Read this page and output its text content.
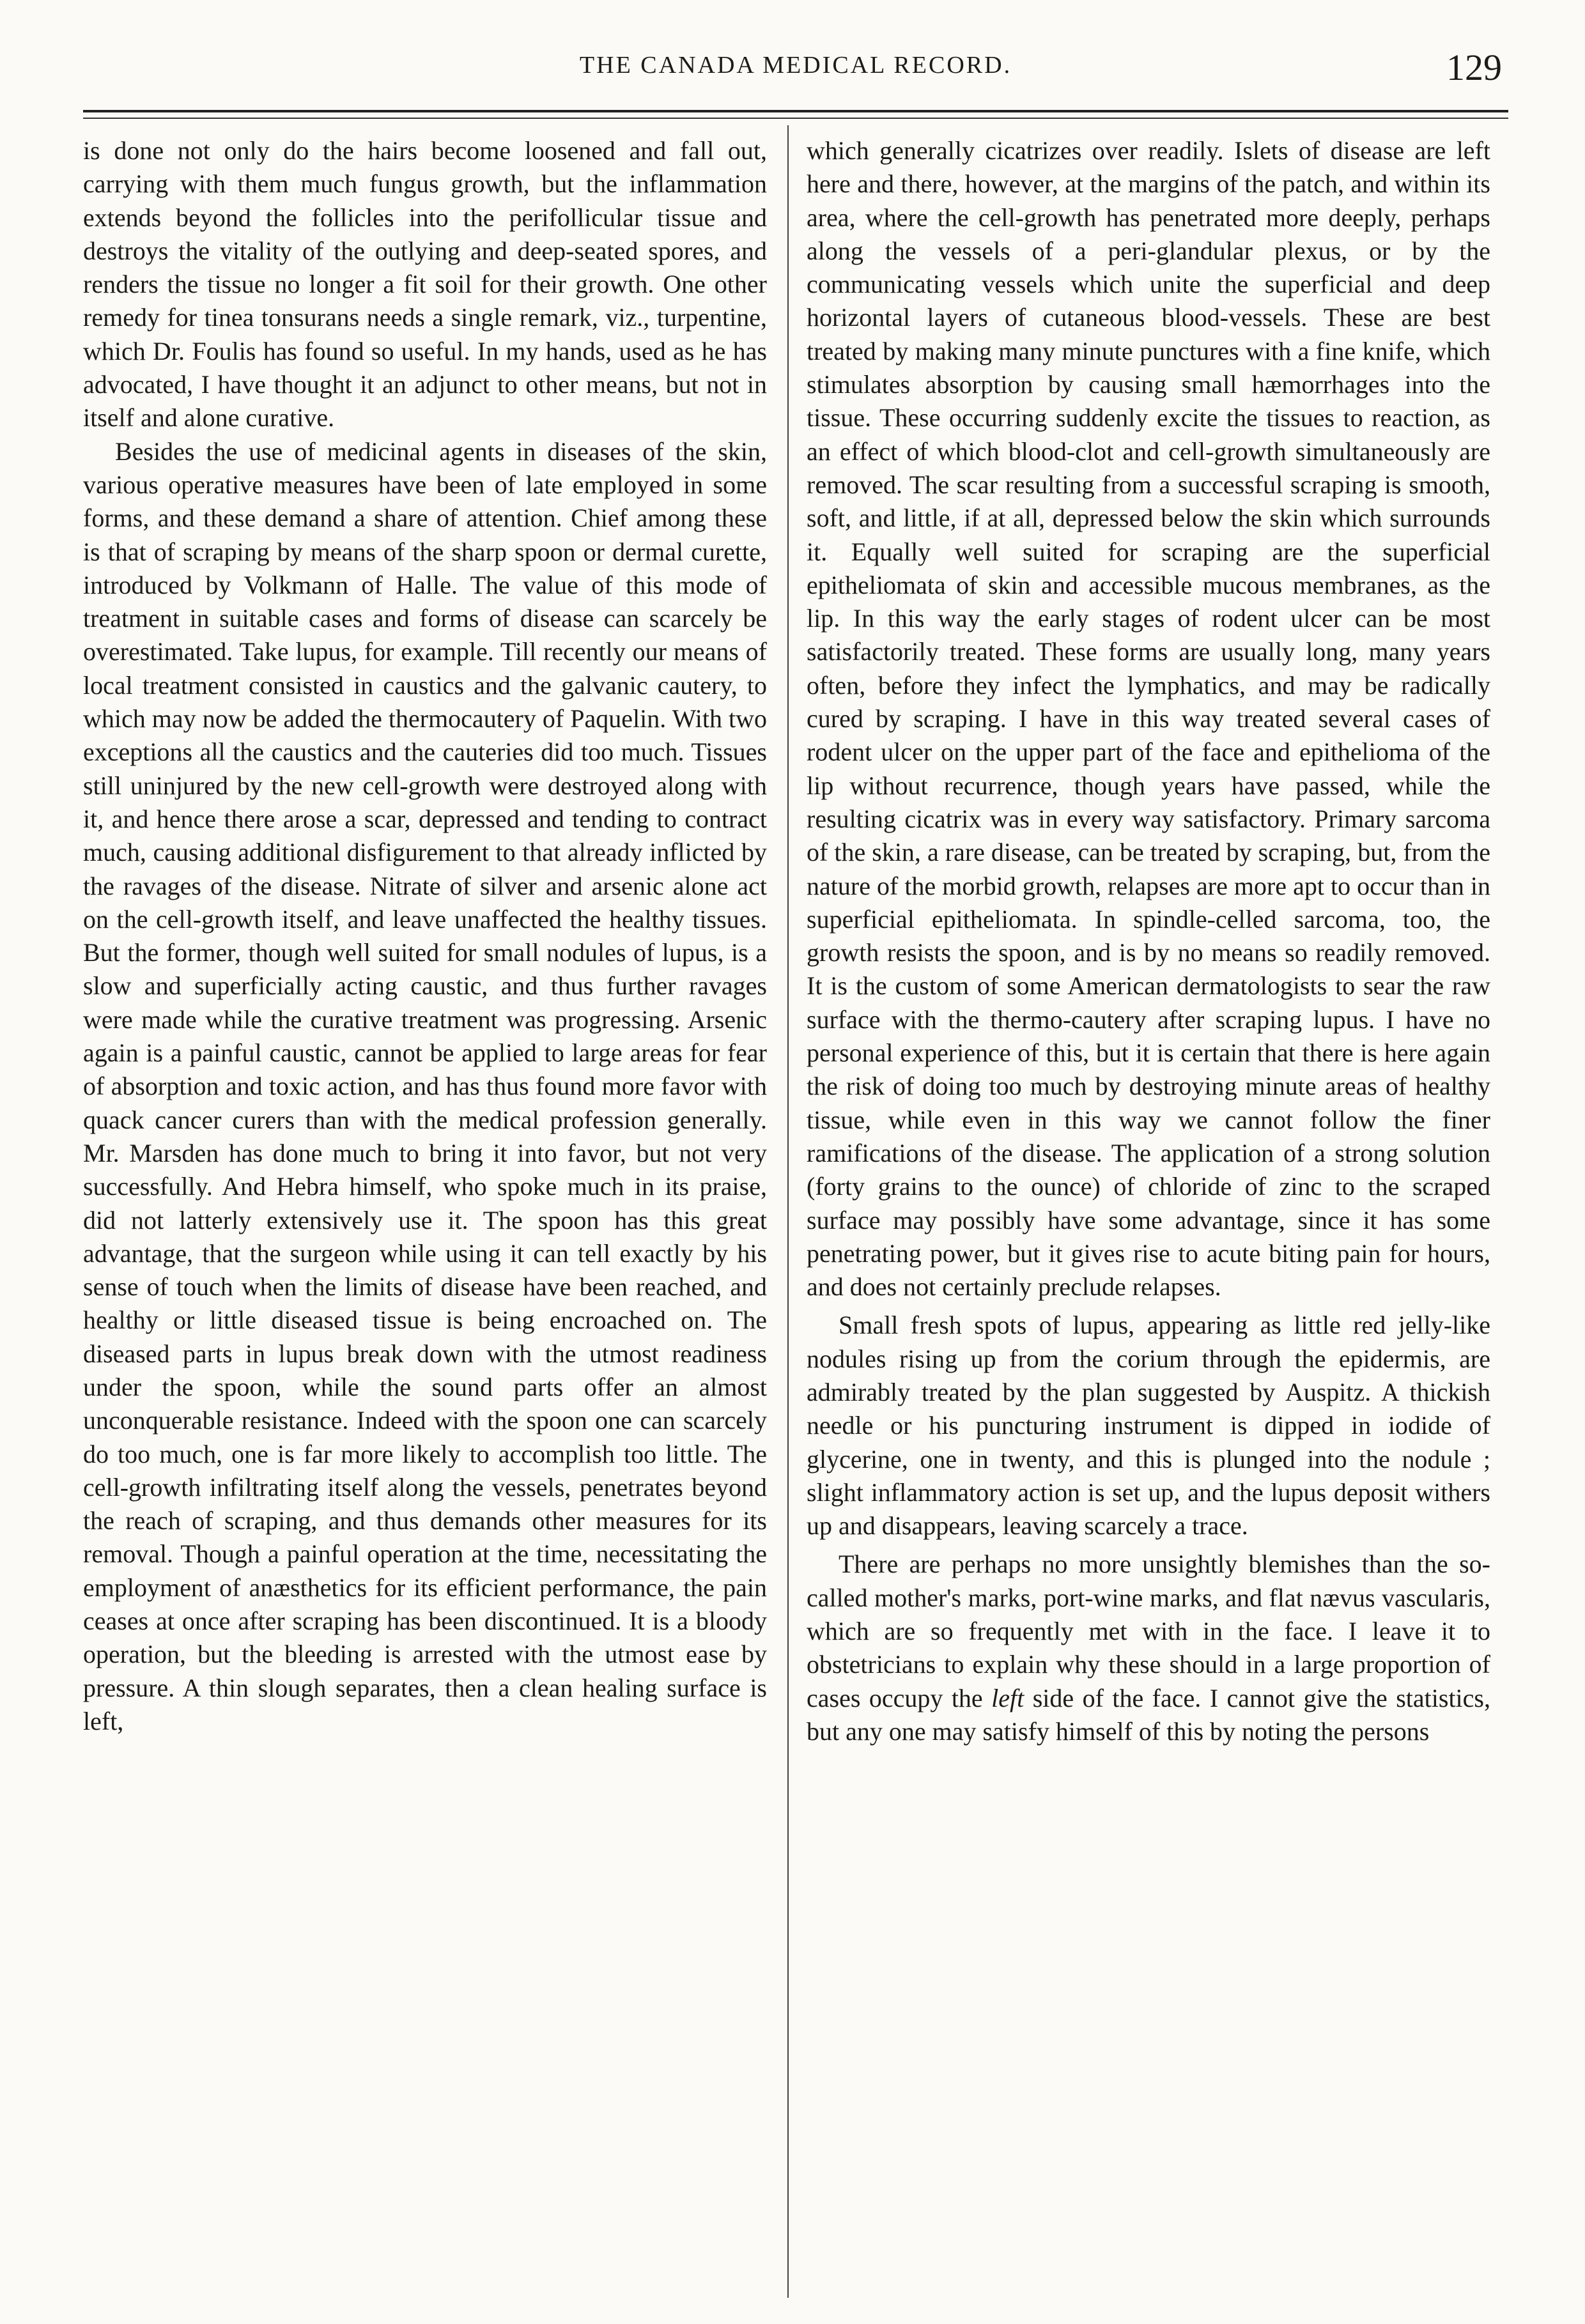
THE CANADA MEDICAL RECORD.	129

is done not only do the hairs become loosened and fall out, carrying with them much fungus growth, but the inflammation extends beyond the follicles into the perifollicular tissue and destroys the vitality of the outlying and deep-seated spores, and renders the tissue no longer a fit soil for their growth. One other remedy for tinea tonsurans needs a single remark, viz., turpentine, which Dr. Foulis has found so useful. In my hands, used as he has advocated, I have thought it an adjunct to other means, but not in itself and alone curative.

Besides the use of medicinal agents in diseases of the skin, various operative measures have been of late employed in some forms, and these demand a share of attention. Chief among these is that of scraping by means of the sharp spoon or dermal curette, introduced by Volkmann of Halle. The value of this mode of treatment in suitable cases and forms of disease can scarcely be overestimated. Take lupus, for example. Till recently our means of local treatment consisted in caustics and the galvanic cautery, to which may now be added the thermocautery of Paquelin. With two exceptions all the caustics and the cauteries did too much. Tissues still uninjured by the new cell-growth were destroyed along with it, and hence there arose a scar, depressed and tending to contract much, causing additional disfigurement to that already inflicted by the ravages of the disease. Nitrate of silver and arsenic alone act on the cell-growth itself, and leave unaffected the healthy tissues. But the former, though well suited for small nodules of lupus, is a slow and superficially acting caustic, and thus further ravages were made while the curative treatment was progressing. Arsenic again is a painful caustic, cannot be applied to large areas for fear of absorption and toxic action, and has thus found more favor with quack cancer curers than with the medical profession generally. Mr. Marsden has done much to bring it into favor, but not very successfully. And Hebra himself, who spoke much in its praise, did not latterly extensively use it. The spoon has this great advantage, that the surgeon while using it can tell exactly by his sense of touch when the limits of disease have been reached, and healthy or little diseased tissue is being encroached on. The diseased parts in lupus break down with the utmost readiness under the spoon, while the sound parts offer an almost unconquerable resistance. Indeed with the spoon one can scarcely do too much, one is far more likely to accomplish too little. The cell-growth infiltrating itself along the vessels, penetrates beyond the reach of scraping, and thus demands other measures for its removal. Though a painful operation at the time, necessitating the employment of anæsthetics for its efficient performance, the pain ceases at once after scraping has been discontinued. It is a bloody operation, but the bleeding is arrested with the utmost ease by pressure. A thin slough separates, then a clean healing surface is left,

which generally cicatrizes over readily. Islets of disease are left here and there, however, at the margins of the patch, and within its area, where the cell-growth has penetrated more deeply, perhaps along the vessels of a peri-glandular plexus, or by the communicating vessels which unite the superficial and deep horizontal layers of cutaneous blood-vessels. These are best treated by making many minute punctures with a fine knife, which stimulates absorption by causing small hæmorrhages into the tissue. These occurring suddenly excite the tissues to reaction, as an effect of which blood-clot and cell-growth simultaneously are removed. The scar resulting from a successful scraping is smooth, soft, and little, if at all, depressed below the skin which surrounds it. Equally well suited for scraping are the superficial epitheliomata of skin and accessible mucous membranes, as the lip. In this way the early stages of rodent ulcer can be most satisfactorily treated. These forms are usually long, many years often, before they infect the lymphatics, and may be radically cured by scraping. I have in this way treated several cases of rodent ulcer on the upper part of the face and epithelioma of the lip without recurrence, though years have passed, while the resulting cicatrix was in every way satisfactory. Primary sarcoma of the skin, a rare disease, can be treated by scraping, but, from the nature of the morbid growth, relapses are more apt to occur than in superficial epitheliomata. In spindle-celled sarcoma, too, the growth resists the spoon, and is by no means so readily removed. It is the custom of some American dermatologists to sear the raw surface with the thermo-cautery after scraping lupus. I have no personal experience of this, but it is certain that there is here again the risk of doing too much by destroying minute areas of healthy tissue, while even in this way we cannot follow the finer ramifications of the disease. The application of a strong solution (forty grains to the ounce) of chloride of zinc to the scraped surface may possibly have some advantage, since it has some penetrating power, but it gives rise to acute biting pain for hours, and does not certainly preclude relapses.

Small fresh spots of lupus, appearing as little red jelly-like nodules rising up from the corium through the epidermis, are admirably treated by the plan suggested by Auspitz. A thickish needle or his puncturing instrument is dipped in iodide of glycerine, one in twenty, and this is plunged into the nodule ; slight inflammatory action is set up, and the lupus deposit withers up and disappears, leaving scarcely a trace.

There are perhaps no more unsightly blemishes than the so-called mother's marks, port-wine marks, and flat nævus vascularis, which are so frequently met with in the face. I leave it to obstetricians to explain why these should in a large proportion of cases occupy the left side of the face. I cannot give the statistics, but any one may satisfy himself of this by noting the persons
